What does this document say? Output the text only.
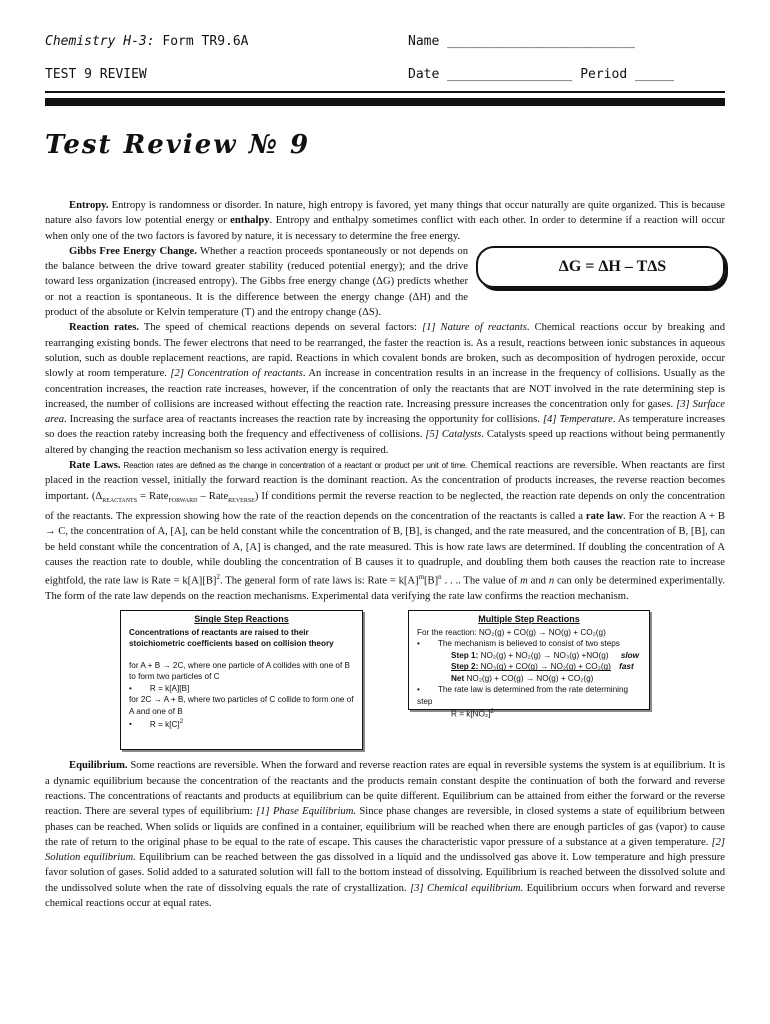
Chemistry H-3: Form TR9.6A	Name ________________________
TEST 9 REVIEW	Date ________________ Period _____
Test Review № 9

Entropy. Entropy is randomness or disorder. In nature, high entropy is favored, yet many things that occur naturally are quite organized. This is because nature also favors low potential energy or enthalpy. Entropy and enthalpy sometimes conflict with each other. In order to determine if a reaction will occur when only one of the two factors is favored by nature, it is necessary to determine the free energy.

ΔG = ΔH – TΔS
Gibbs Free Energy Change. Whether a reaction proceeds spontaneously or not depends on the balance between the drive toward greater stability (reduced potential energy); and the drive toward less organization (increased entropy). The Gibbs free energy change (ΔG) predicts whether or not a reaction is spontaneous. It is the difference between the energy change (ΔH) and the product of the absolute or Kelvin temperature (T) and the entropy change (ΔS).

Reaction rates. The speed of chemical reactions depends on several factors: [1] Nature of reactants. Chemical reactions occur by breaking and rearranging existing bonds. The fewer electrons that need to be rearranged, the faster the reaction is. As a result, reactions between ionic substances in aqueous solution, such as double replacement reactions, are rapid. Reactions in which covalent bonds are broken, such as decomposition of hydrogen peroxide, occur slowly at room temperature. [2] Concentration of reactants. An increase in concentration results in an increase in the frequency of collisions. Usually as the concentration increases, the reaction rate increases, however, if the concentration of only the reactants that are NOT involved in the rate determining step is increased, the number of collisions are increased without effecting the reaction rate. Increasing pressure increases the concentration only for gases. [3] Surface area. Increasing the surface area of reactants increases the reaction rate by increasing the opportunity for collisions. [4] Temperature. As temperature increases so does the reaction rateby increasing both the frequency and effectiveness of collisions. [5] Catalysts. Catalysts speed up reactions without being permanently altered by changing the reaction mechanism so less activation energy is required.

Rate Laws. Reaction rates are defined as the change in concentration of a reactant or product per unit of time. Chemical reactions are reversible. When reactants are first placed in the reaction vessel, initially the forward reaction is the dominant reaction. As the concentration of products increases, the reverse reaction becomes important. ($\Delta_{REACTANTS}$ = Rate$_{FORWARD}$ – Rate$_{REVERSE}$) If conditions permit the reverse reaction to be neglected, the reaction rate depends on only the concentration of the reactants. The expression showing how the rate of the reaction depends on the concentration of the reactants is called a rate law. For the reaction A + B → C, the concentration of A, [A], can be held constant while the concentration of B, [B], is changed, and the rate measured, and the concentration of B, [B], can be held constant while the concentration of A, [A] is changed, and the rate measured. This is how rate laws are determined. If doubling the concentration of A causes the reaction rate to double, while doubling the concentration of B causes it to quadruple, and doubling them both causes the reaction rate to increase eightfold, the rate law is Rate = $k[A][B]^2$. The general form of rate laws is: Rate = $k[A]^m[B]^n$ . . .. The value of m and n can only be determined experimentally. The form of the rate law depends on the reaction mechanisms. Experimental data verifying the rate law confirms the reaction mechanism.

Single Step Reactions
Concentrations of reactants are raised to their stoichiometric coefficients based on collision theory
for A + B → 2C, where one particle of A collides with one of B to form two particles of C
• R = k[A][B]
for 2C → A + B, where two particles of C collide to form one of A and one of B
• $R = k[C]^2$
Multiple Step Reactions
For the reaction: NO₂(g) + CO(g) → NO(g) + CO₂(g)
• The mechanism is believed to consist of two steps
Step 1: NO₂(g) + NO₂(g) → NO₃(g) +NO(g) slow
Step 2: NO₃(g) + CO(g) → NO₂(g) + CO₂(g) fast
Net NO₂(g) + CO(g) → NO(g) + CO₂(g)
• The rate law is determined from the rate determining step
$R = k[NO_2]^2$

Equilibrium. Some reactions are reversible. When the forward and reverse reaction rates are equal in reversible systems the system is at equilibrium. It is a dynamic equilibrium because the concentration of the reactants and the products remain constant despite the continuation of both the forward and reverse reactions. The concentrations of reactants and products at equilibrium can be quite different. Equilibrium can be attained from either the forward or the reverse reaction. There are several types of equilibrium: [1] Phase Equilibrium. Since phase changes are reversible, in closed systems a state of equilibrium between phases can be reached. When solids or liquids are confined in a container, equilibrium will be reached when there are enough particles of gas (vapor) to cause the rate of return to the original phase to be equal to the rate of escape. This causes the characteristic vapor pressure of a substance at a given temperature. [2] Solution equilibrium. Equilibrium can be reached between the gas dissolved in a liquid and the undissolved gas above it. Low temperature and high pressure favor solution of gases. Solid added to a saturated solution will fall to the bottom instead of dissolving. Equilibrium is reached between the dissolved solute and the undissolved solute when the rate of dissolving equals the rate of crystallization. [3] Chemical equilibrium. Equilibrium occurs when forward and reverse chemical reactions occur at equal rates.
